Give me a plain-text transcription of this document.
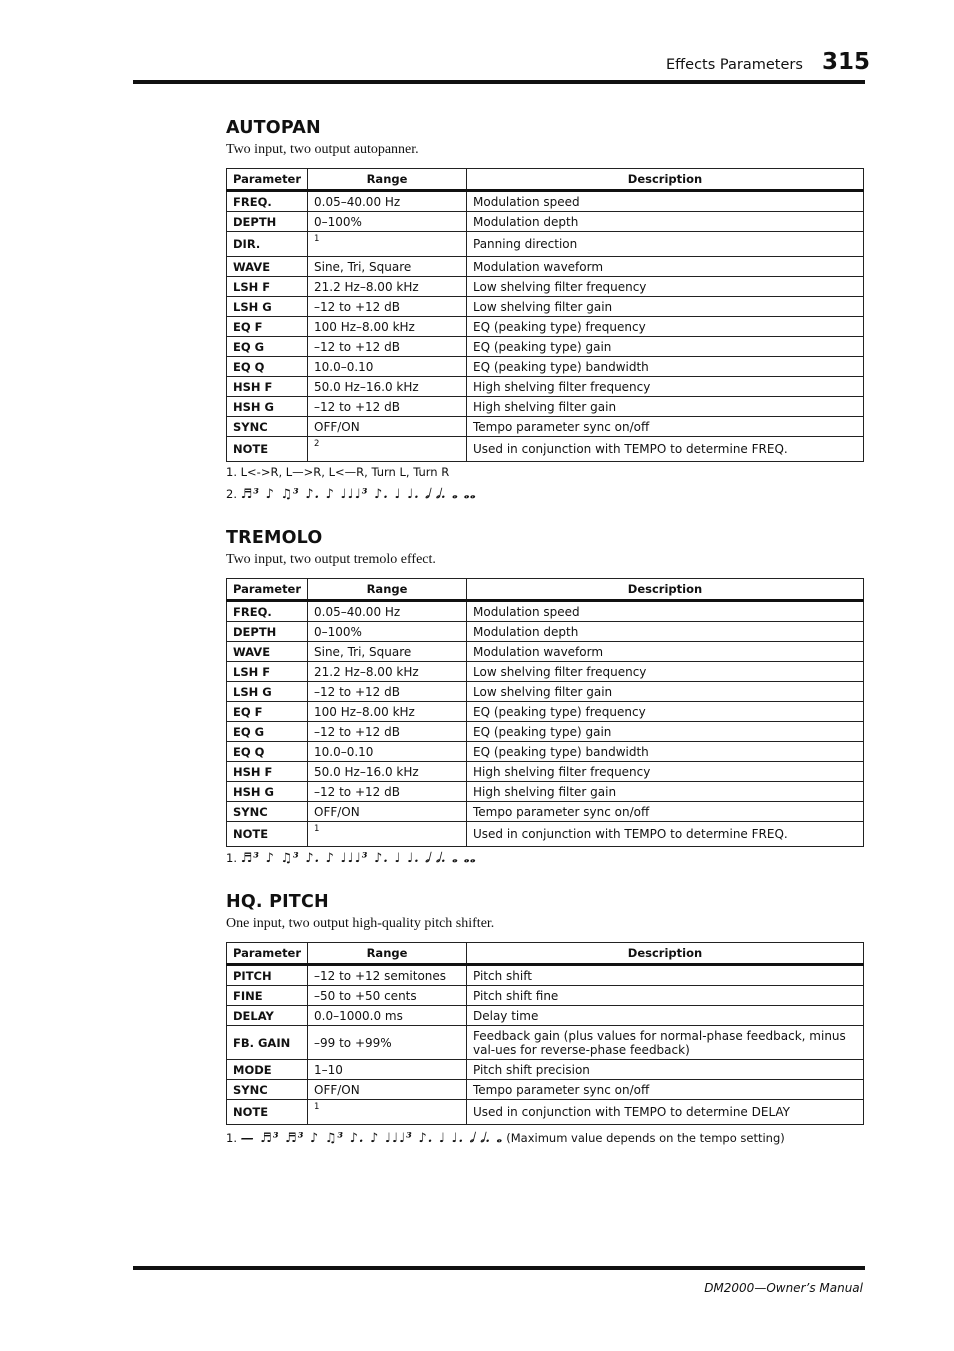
Effects Parameters 315
AUTOPAN
Two input, two output autopanner.
Parameter	Range	Description
FREQ.	0.05–40.00 Hz	Modulation speed
DEPTH	0–100%	Modulation depth
DIR.	1	Panning direction
WAVE	Sine, Tri, Square	Modulation waveform
LSH F	21.2 Hz–8.00 kHz	Low shelving filter frequency
LSH G	–12 to +12 dB	Low shelving filter gain
EQ F	100 Hz–8.00 kHz	EQ (peaking type) frequency
EQ G	–12 to +12 dB	EQ (peaking type) gain
EQ Q	10.0–0.10	EQ (peaking type) bandwidth
HSH F	50.0 Hz–16.0 kHz	High shelving filter frequency
HSH G	–12 to +12 dB	High shelving filter gain
SYNC	OFF/ON	Tempo parameter sync on/off
NOTE	2	Used in conjunction with TEMPO to determine FREQ.
1. L<->R, L—>R, L<—R, Turn L, Turn R
2. ♬³ ♪ ♫³ ♪. ♪ ♩♩♩³ ♪. ♩ ♩. 𝅗𝅥 𝅗𝅥. 𝅝 𝅝𝅝
TREMOLO
Two input, two output tremolo effect.
Parameter	Range	Description
FREQ.	0.05–40.00 Hz	Modulation speed
DEPTH	0–100%	Modulation depth
WAVE	Sine, Tri, Square	Modulation waveform
LSH F	21.2 Hz–8.00 kHz	Low shelving filter frequency
LSH G	–12 to +12 dB	Low shelving filter gain
EQ F	100 Hz–8.00 kHz	EQ (peaking type) frequency
EQ G	–12 to +12 dB	EQ (peaking type) gain
EQ Q	10.0–0.10	EQ (peaking type) bandwidth
HSH F	50.0 Hz–16.0 kHz	High shelving filter frequency
HSH G	–12 to +12 dB	High shelving filter gain
SYNC	OFF/ON	Tempo parameter sync on/off
NOTE	1	Used in conjunction with TEMPO to determine FREQ.
1. ♬³ ♪ ♫³ ♪. ♪ ♩♩♩³ ♪. ♩ ♩. 𝅗𝅥 𝅗𝅥. 𝅝 𝅝𝅝
HQ. PITCH
One input, two output high-quality pitch shifter.
Parameter	Range	Description
PITCH	–12 to +12 semitones	Pitch shift
FINE	–50 to +50 cents	Pitch shift fine
DELAY	0.0–1000.0 ms	Delay time
FB. GAIN	–99 to +99%	Feedback gain (plus values for normal-phase feedback, minus val-ues for reverse-phase feedback)
MODE	1–10	Pitch shift precision
SYNC	OFF/ON	Tempo parameter sync on/off
NOTE	1	Used in conjunction with TEMPO to determine DELAY
1. — ♬³ ♬³ ♪ ♫³ ♪. ♪ ♩♩♩³ ♪. ♩ ♩. 𝅗𝅥 𝅗𝅥. 𝅝 (Maximum value depends on the tempo setting)
DM2000—Owner’s Manual
